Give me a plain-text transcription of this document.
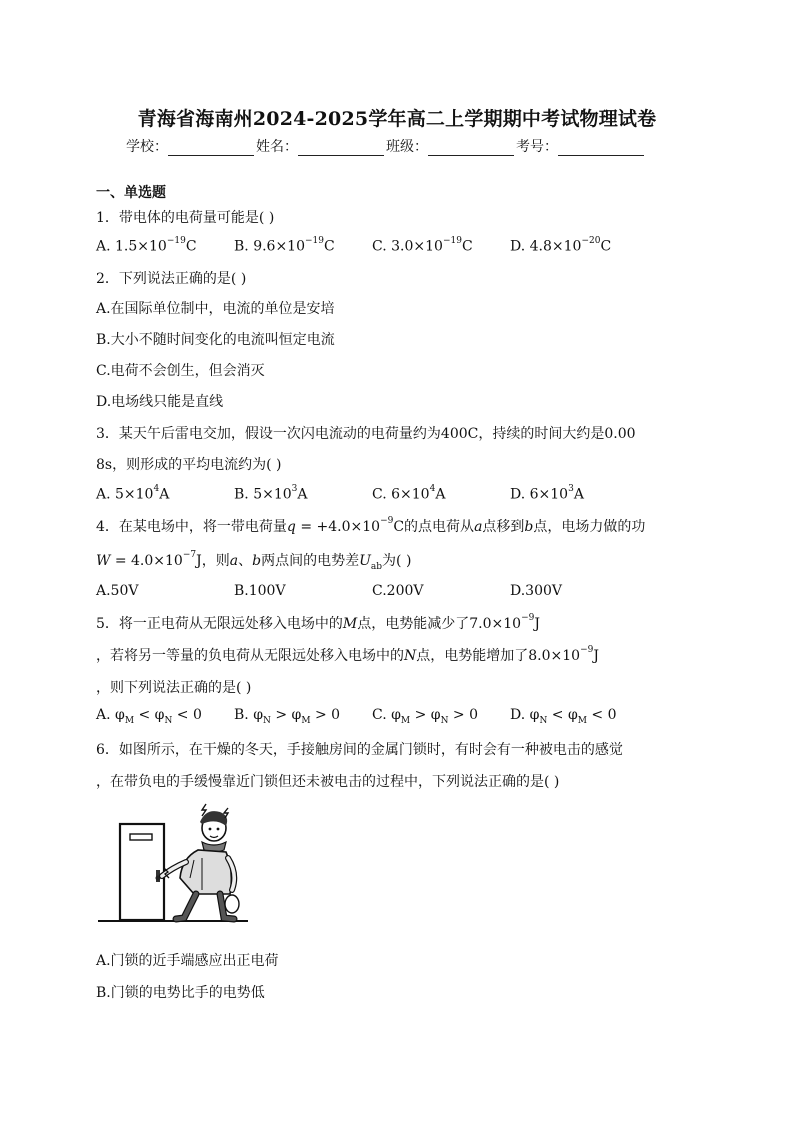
青海省海南州2024-2025学年高二上学期期中考试物理试卷
学校：	姓名：	班级：	考号：
一、单选题
1．带电体的电荷量可能是( )
A. $1.5\times 10^{-19}C$	B. $9.6\times 10^{-19}C$	C. $3.0\times 10^{-19}C$	D. $4.8\times 10^{-20}C$
2．下列说法正确的是( )
A.在国际单位制中，电流的单位是安培
B.大小不随时间变化的电流叫恒定电流
C.电荷不会创生，但会消灭
D.电场线只能是直线
3．某天午后雷电交加，假设一次闪电流动的电荷量约为400C，持续的时间大约是0.00
8s，则形成的平均电流约为( )
A. $5\times 10^4A$	B. $5\times 10^3A$	C. $6\times 10^4A$	D. $6\times 10^3A$
4．在某电场中，将一带电荷量$q = +4.0\times 10^{-9}C$的点电荷从a点移到b点，电场力做的功
$W = 4.0\times 10^{-7}J$，则a、b两点间的电势差$U_{ab}$为( )
A.50V	B.100V	C.200V	D.300V
5．将一正电荷从无限远处移入电场中的M点，电势能减少了$7.0\times 10^{-9}J$
，若将另一等量的负电荷从无限远处移入电场中的N点，电势能增加了$8.0\times 10^{-9}J$
，则下列说法正确的是( )
A. $\varphi_M < \varphi_N < 0$ B. $\varphi_N > \varphi_M > 0$ C. $\varphi_M > \varphi_N > 0$ D. $\varphi_N < \varphi_M < 0$
6．如图所示，在干燥的冬天，手接触房间的金属门锁时，有时会有一种被电击的感觉
，在带负电的手缓慢靠近门锁但还未被电击的过程中，下列说法正确的是( )
A.门锁的近手端感应出正电荷
B.门锁的电势比手的电势低
